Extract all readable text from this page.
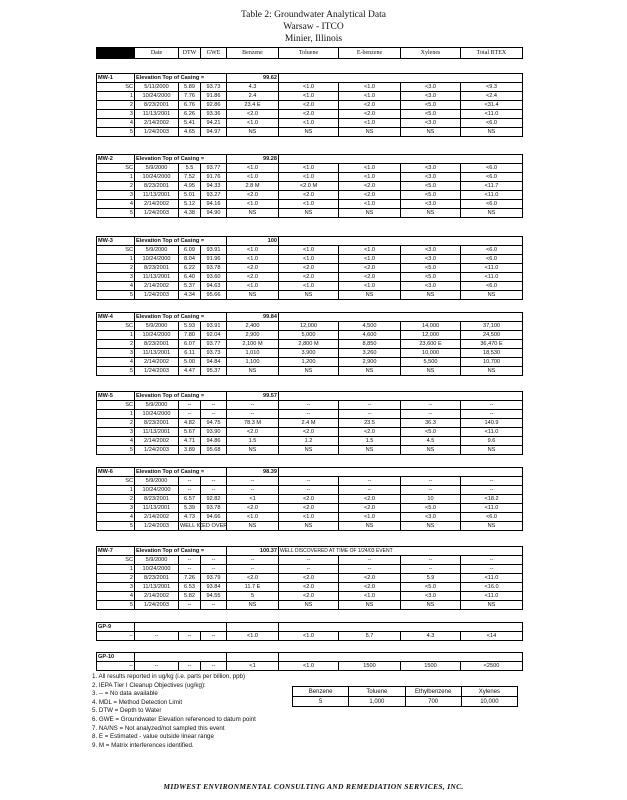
Table 2: Groundwater Analytical Data
Warsaw - ITCO
Minier, Illinois
	Date	DTW	GWE	Benzene	Toluene	E-benzene	Xylenes	Total BTEX
MW-1	Elevation Top of Casing =			99.62				
SC	5/11/2000	5.89	93.73	4.3	<1.0	<1.0	<3.0	<9.3
1	10/24/2000	7.76	91.86	2.4	<1.0	<1.0	<3.0	<2.4
2	8/23/2001	6.76	92.86	23.4 E	<2.0	<2.0	<5.0	<31.4
3	11/13/2001	6.26	93.36	<2.0	<2.0	<2.0	<5.0	<11.0
4	2/14/2002	5.41	94.21	<1.0	<1.0	<1.0	<3.0	<6.0
5	1/24/2003	4.65	94.97	NS	NS	NS	NS	NS
MW-2	Elevation Top of Casing =			99.28				
SC	5/9/2000	5.5	93.77	<1.0	<1.0	<1.0	<3.0	<6.0
1	10/24/2000	7.52	91.76	<1.0	<1.0	<1.0	<3.0	<6.0
2	8/23/2001	4.95	94.33	2.8 M	<2.0 M	<2.0	<5.0	<11.7
3	11/13/2001	5.01	93.27	<2.0	<2.0	<2.0	<5.0	<11.0
4	2/14/2002	5.12	94.16	<1.0	<1.0	<1.0	<3.0	<6.0
5	1/24/2003	4.38	94.90	NS	NS	NS	NS	NS
MW-3	Elevation Top of Casing =			100				
SC	5/9/2000	6.09	93.91	<1.0	<1.0	<1.0	<3.0	<6.0
1	10/24/2000	8.04	91.96	<1.0	<1.0	<1.0	<3.0	<6.0
2	8/23/2001	6.22	93.78	<2.0	<2.0	<2.0	<5.0	<11.0
3	11/13/2001	6.40	93.60	<2.0	<2.0	<2.0	<5.0	<11.0
4	2/14/2002	5.37	94.63	<1.0	<1.0	<1.0	<3.0	<6.0
5	1/24/2003	4.34	95.66	NS	NS	NS	NS	NS
MW-4	Elevation Top of Casing =			99.84				
SC	5/9/2000	5.93	93.91	2,400	12,000	4,500	14,000	37,100
1	10/24/2000	7.80	92.04	2,900	5,000	4,600	12,000	24,500
2	8/23/2001	6.07	93.77	2,100 M	2,800 M	8,850	23,600 E	36,470 E
3	11/13/2001	6.11	93.73	1,010	3,900	3,260	10,000	18,530
4	2/14/2002	5.00	94.84	1,100	1,200	2,900	5,500	10,700
5	1/24/2003	4.47	95.37	NS	NS	NS	NS	NS
MW-5	Elevation Top of Casing =			99.57				
SC	5/9/2000	--	--	--	--	--	--	--
1	10/24/2000	--	--	--	--	--	--	--
2	8/23/2001	4.82	94.75	78.3 M	2.4 M	23.5	36.3	140.9
3	11/13/2001	5.67	93.90	<2.0	<2.0	<2.0	<5.0	<11.0
4	2/14/2002	4.71	94.86	1.5	1.2	1.5	4.5	9.6
5	1/24/2003	3.89	95.68	NS	NS	NS	NS	NS
MW-6	Elevation Top of Casing =			98.39				
SC	5/9/2000	--	--	--	--	--	--	--
1	10/24/2000	--	--	--	--	--	--	--
2	8/23/2001	6.57	92.82	<1	<2.0	<2.0	10	<18.2
3	11/13/2001	5.39	93.78	<2.0	<2.0	<2.0	<5.0	<11.0
4	2/14/2002	4.73	94.66	<1.0	<1.0	<1.0	<3.0	<6.0
5	1/24/2003	WELL ICED OVER		NS	NS	NS	NS	NS
MW-7	Elevation Top of Casing =			100.37	WELL DISCOVERED AT TIME OF 1/24/03 EVENT			
SC	5/9/2000	--	--	--	--	--	--	--
1	10/24/2000	--	--	--	--	--	--	--
2	8/23/2001	7.26	93.79	<2.0	<2.0	<2.0	5.9	<11.0
3	11/13/2001	6.53	93.84	11.7 E	<2.0	<2.0	<5.0	<16.0
4	2/14/2002	5.82	94.55	5	<2.0	<1.0	<3.0	<11.0
5	1/24/2003	--	--	NS	NS	NS	NS	NS
GP-9								
--	--	--	--	<1.0	<1.0	5.7	4.3	<14
GP-10								
--	--	--	--	<1	<1.0	1500	1500	<2500
1. All results reported in ug/kg (i.e. parts per billion, ppb)
2. IEPA Tier I Cleanup Objectives (ug/kg):
3. -- = No data available
4. MDL = Method Detection Limit
5. DTW = Depth to Water
6. GWE = Groundwater Elevation referenced to datum point
7. NA/NS = Not analyzed/not sampled this event
8. E = Estimated - value outside linear range
9. M = Matrix interferences identified.
Benzene	Toluene	Ethylbenzene	Xylenes
5	1,000	700	10,000
MIDWEST ENVIRONMENTAL CONSULTING AND REMEDIATION SERVICES, INC.
